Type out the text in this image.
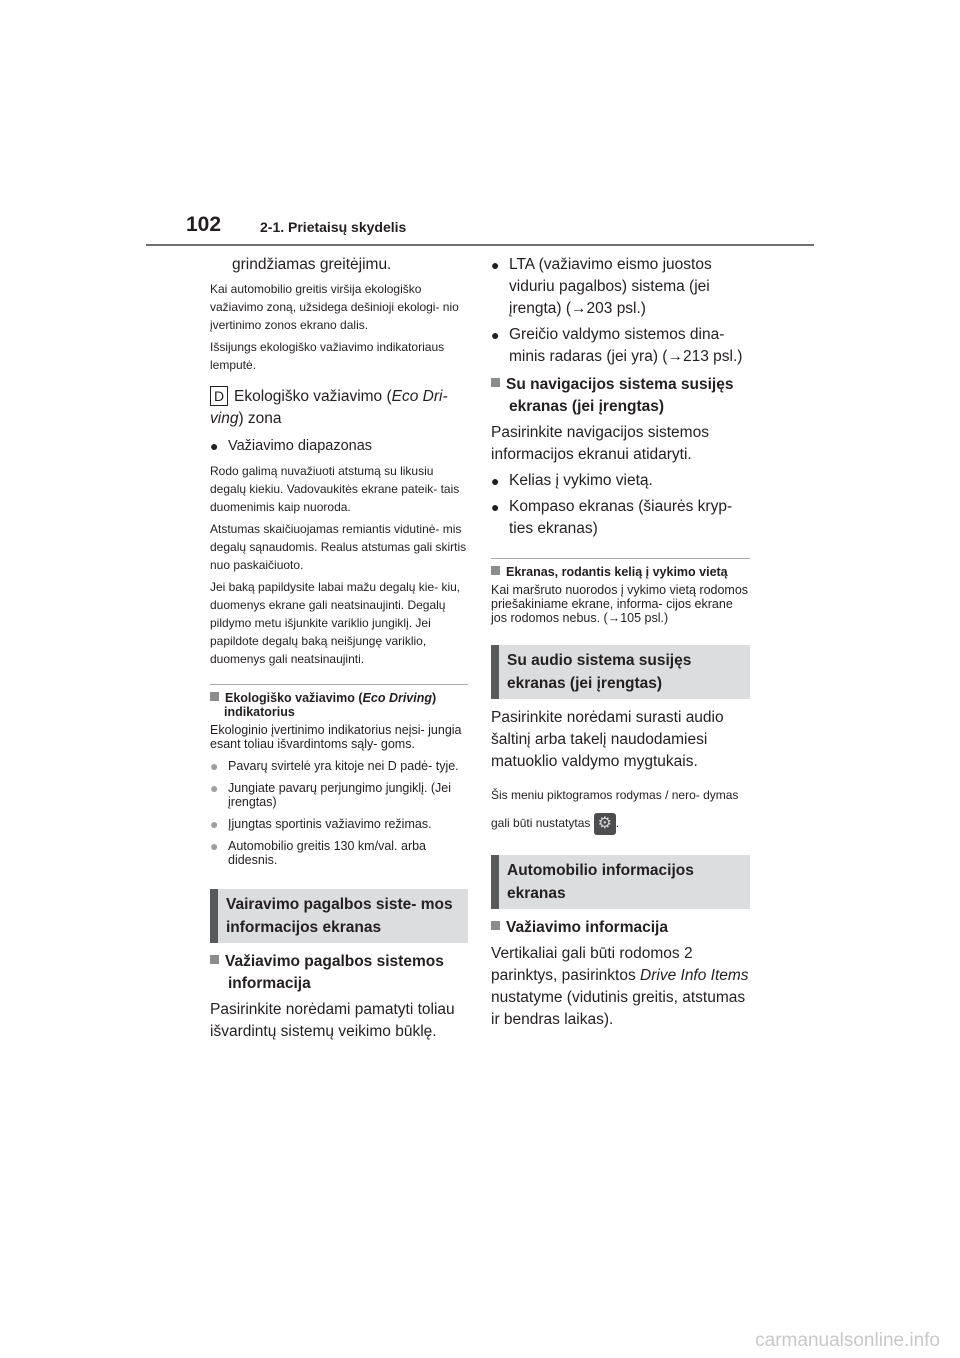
102	2-1. Prietaisų skydelis

grindžiamas greitėjimu.

Kai automobilio greitis viršija ekologiško važiavimo zoną, užsidega dešinioji ekologi- nio įvertinimo zonos ekrano dalis.

Išsijungs ekologiško važiavimo indikatoriaus lemputė.

D Ekologiško važiavimo (Eco Dri- ving) zona
● Važiavimo diapazonas

Rodo galimą nuvažiuoti atstumą su likusiu degalų kiekiu. Vadovaukitės ekrane pateik- tais duomenimis kaip nuoroda.

Atstumas skaičiuojamas remiantis vidutinė- mis degalų sąnaudomis. Realus atstumas gali skirtis nuo paskaičiuoto.

Jei baką papildysite labai mažu degalų kie- kiu, duomenys ekrane gali neatsinaujinti. Degalų pildymo metu išjunkite variklio jungiklį. Jei papildote degalų baką neišjungę variklio, duomenys gali neatsinaujinti.

Ekologiško važiavimo (Eco Driving) indikatorius

Ekologinio įvertinimo indikatorius neįsi- jungia esant toliau išvardintoms sąly- goms.

● Pavarų svirtelė yra kitoje nei D padė- tyje.
● Jungiate pavarų perjungimo jungiklį. (Jei įrengtas)
● Įjungtas sportinis važiavimo režimas.
● Automobilio greitis 130 km/val. arba didesnis.
Vairavimo pagalbos siste- mos informacijos ekranas
Važiavimo pagalbos sistemos informacija

Pasirinkite norėdami pamatyti toliau išvardintų sistemų veikimo būklę.

● LTA (važiavimo eismo juostos viduriu pagalbos) sistema (jei įrengta) (→203 psl.)
● Greičio valdymo sistemos dina- minis radaras (jei yra) (→213 psl.)
Su navigacijos sistema susijęs ekranas (jei įrengtas)

Pasirinkite navigacijos sistemos informacijos ekranui atidaryti.

● Kelias į vykimo vietą.
● Kompaso ekranas (šiaurės kryp- ties ekranas)
Ekranas, rodantis kelią į vykimo vietą

Kai maršruto nuorodos į vykimo vietą rodomos priešakiniame ekrane, informa- cijos ekrane jos rodomos nebus. (→105 psl.)

Su audio sistema susijęs ekranas (jei įrengtas)

Pasirinkite norėdami surasti audio šaltinį arba takelį naudodamiesi matuoklio valdymo mygtukais.

Šis meniu piktogramos rodymas / nero- dymas gali būti nustatytas ⚙ .

Automobilio informacijos ekranas
Važiavimo informacija

Vertikaliai gali būti rodomos 2 parinktys, pasirinktos Drive Info Items nustatyme (vidutinis greitis, atstumas ir bendras laikas).

carmanualsonline.info
